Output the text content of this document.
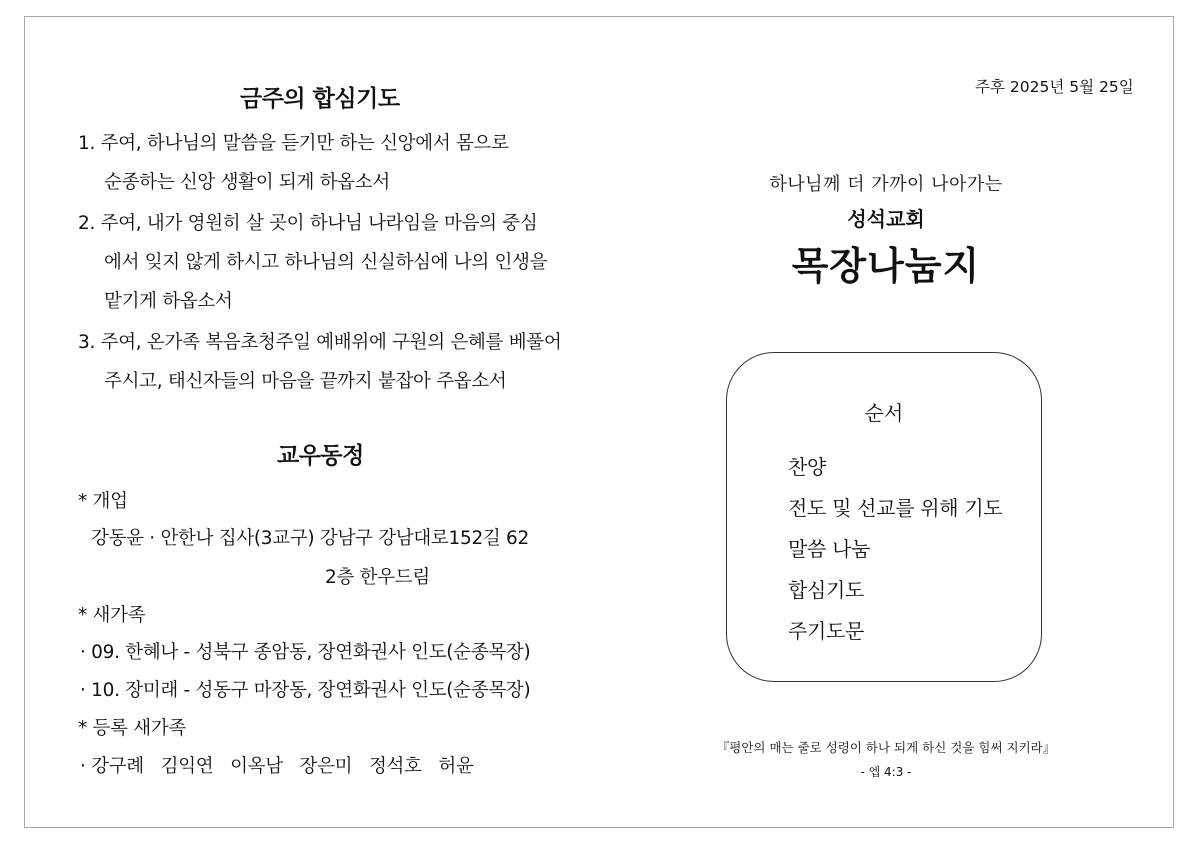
금주의 합심기도
1. 주여, 하나님의 말씀을 듣기만 하는 신앙에서 몸으로
순종하는 신앙 생활이 되게 하옵소서
2. 주여, 내가 영원히 살 곳이 하나님 나라임을 마음의 중심
에서 잊지 않게 하시고 하나님의 신실하심에 나의 인생을
맡기게 하옵소서
3. 주여, 온가족 복음초청주일 예배위에 구원의 은혜를 베풀어
주시고, 태신자들의 마음을 끝까지 붙잡아 주옵소서
교우동정
* 개업
강동윤 · 안한나 집사(3교구) 강남구 강남대로152길 62
2층 한우드림
* 새가족
· 09. 한혜나 - 성북구 종암동, 장연화권사 인도(순종목장)
· 10. 장미래 - 성동구 마장동, 장연화권사 인도(순종목장)
* 등록 새가족
· 강구례   김익연   이옥남   장은미   정석호   허윤
주후 2025년 5월 25일
하나님께 더 가까이 나아가는
성석교회
목장나눔지
순서
찬양
전도 및 선교를 위해 기도
말씀 나눔
합심기도
주기도문
『평안의 매는 줄로 성령이 하나 되게 하신 것을 힘써 지키라』
- 엡 4:3 -
